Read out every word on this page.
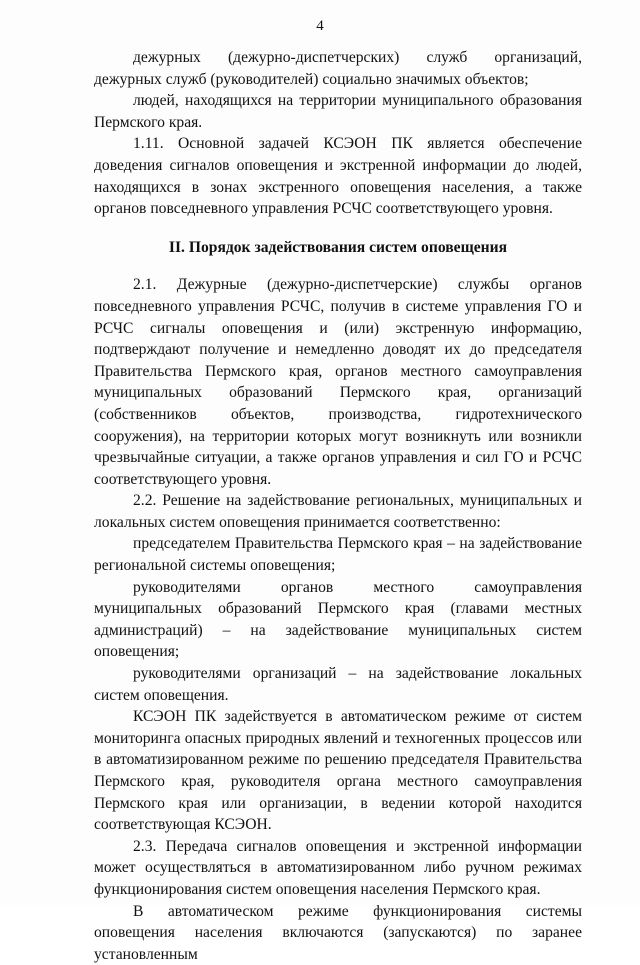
4

дежурных (дежурно-диспетчерских) служб организаций, дежурных служб (руководителей) социально значимых объектов;

людей, находящихся на территории муниципального образования Пермского края.

1.11. Основной задачей КСЭОН ПК является обеспечение доведения сигналов оповещения и экстренной информации до людей, находящихся в зонах экстренного оповещения населения, а также органов повседневного управления РСЧС соответствующего уровня.

II. Порядок задействования систем оповещения

2.1. Дежурные (дежурно-диспетчерские) службы органов повседневного управления РСЧС, получив в системе управления ГО и РСЧС сигналы оповещения и (или) экстренную информацию, подтверждают получение и немедленно доводят их до председателя Правительства Пермского края, органов местного самоуправления муниципальных образований Пермского края, организаций (собственников объектов, производства, гидротехнического сооружения), на территории которых могут возникнуть или возникли чрезвычайные ситуации, а также органов управления и сил ГО и РСЧС соответствующего уровня.

2.2. Решение на задействование региональных, муниципальных и локальных систем оповещения принимается соответственно:

председателем Правительства Пермского края – на задействование региональной системы оповещения;

руководителями органов местного самоуправления муниципальных образований Пермского края (главами местных администраций) – на задействование муниципальных систем оповещения;

руководителями организаций – на задействование локальных систем оповещения.

КСЭОН ПК задействуется в автоматическом режиме от систем мониторинга опасных природных явлений и техногенных процессов или в автоматизированном режиме по решению председателя Правительства Пермского края, руководителя органа местного самоуправления Пермского края или организации, в ведении которой находится соответствующая КСЭОН.

2.3. Передача сигналов оповещения и экстренной информации может осуществляться в автоматизированном либо ручном режимах функционирования систем оповещения населения Пермского края.

В автоматическом режиме функционирования системы оповещения населения включаются (запускаются) по заранее установленным
